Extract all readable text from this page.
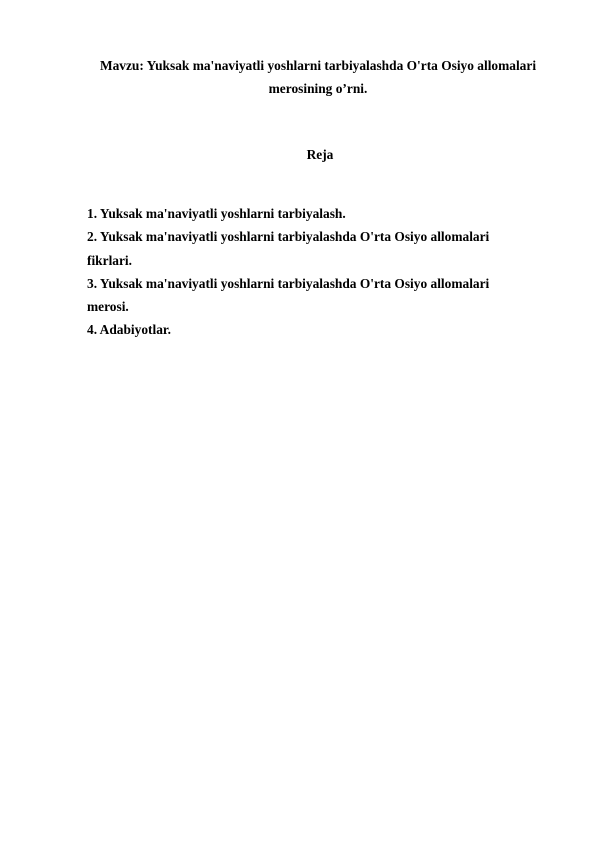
Mavzu: Yuksak ma'naviyatli yoshlarni tarbiyalashda O'rta Osiyo allomalari
merosining o’rni.
Reja
1. Yuksak ma'naviyatli yoshlarni tarbiyalash.
2. Yuksak ma'naviyatli yoshlarni tarbiyalashda O'rta Osiyo allomalari
fikrlari.
3. Yuksak ma'naviyatli yoshlarni tarbiyalashda O'rta Osiyo allomalari
merosi.
4. Adabiyotlar.
